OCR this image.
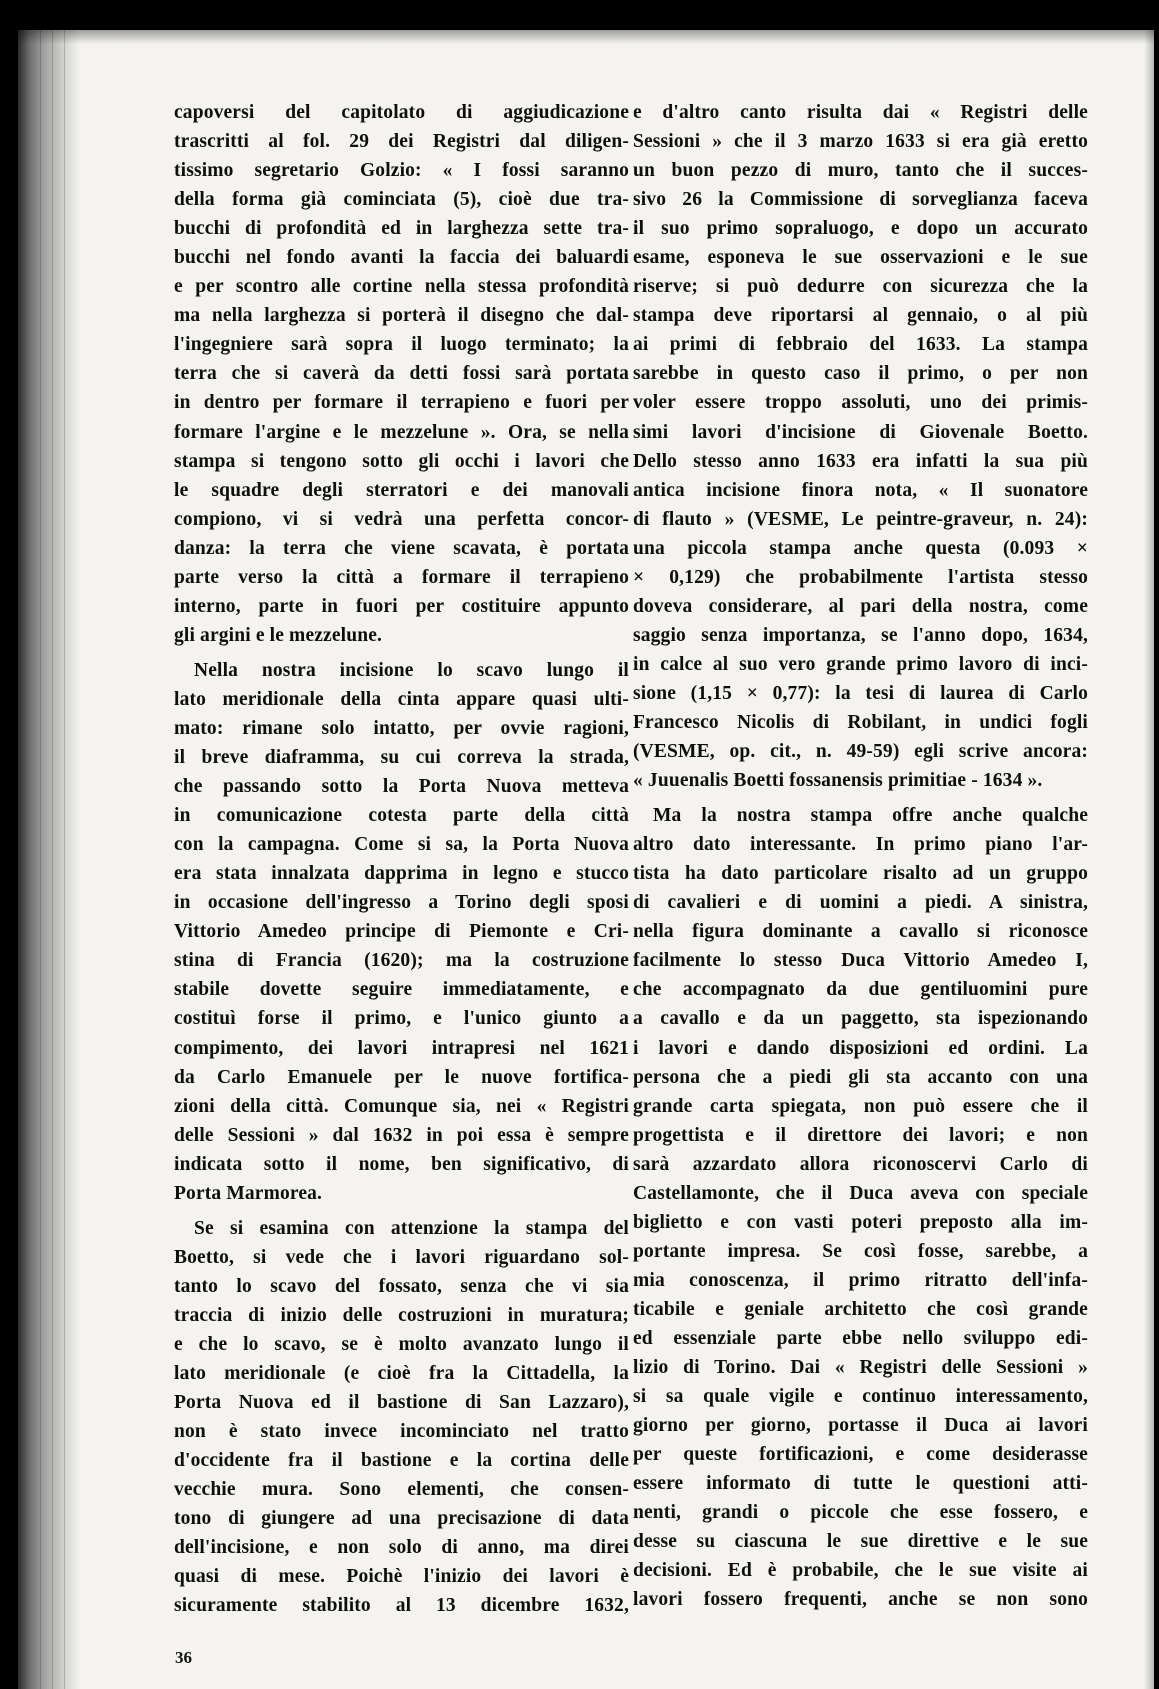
capoversi del capitolato di aggiudicazione
trascritti al fol. 29 dei Registri dal diligen-
tissimo segretario Golzio: « I fossi saranno
della forma già cominciata (5), cioè due tra-
bucchi di profondità ed in larghezza sette tra-
bucchi nel fondo avanti la faccia dei baluardi
e per scontro alle cortine nella stessa profondità
ma nella larghezza si porterà il disegno che dal-
l'ingegniere sarà sopra il luogo terminato; la
terra che si caverà da detti fossi sarà portata
in dentro per formare il terrapieno e fuori per
formare l'argine e le mezzelune ». Ora, se nella
stampa si tengono sotto gli occhi i lavori che
le squadre degli sterratori e dei manovali
compiono, vi si vedrà una perfetta concor-
danza: la terra che viene scavata, è portata
parte verso la città a formare il terrapieno
interno, parte in fuori per costituire appunto
gli argini e le mezzelune.
Nella nostra incisione lo scavo lungo il
lato meridionale della cinta appare quasi ulti-
mato: rimane solo intatto, per ovvie ragioni,
il breve diaframma, su cui correva la strada,
che passando sotto la Porta Nuova metteva
in comunicazione cotesta parte della città
con la campagna. Come si sa, la Porta Nuova
era stata innalzata dapprima in legno e stucco
in occasione dell'ingresso a Torino degli sposi
Vittorio Amedeo principe di Piemonte e Cri-
stina di Francia (1620); ma la costruzione
stabile dovette seguire immediatamente, e
costituì forse il primo, e l'unico giunto a
compimento, dei lavori intrapresi nel 1621
da Carlo Emanuele per le nuove fortifica-
zioni della città. Comunque sia, nei « Registri
delle Sessioni » dal 1632 in poi essa è sempre
indicata sotto il nome, ben significativo, di
Porta Marmorea.
Se si esamina con attenzione la stampa del
Boetto, si vede che i lavori riguardano sol-
tanto lo scavo del fossato, senza che vi sia
traccia di inizio delle costruzioni in muratura;
e che lo scavo, se è molto avanzato lungo il
lato meridionale (e cioè fra la Cittadella, la
Porta Nuova ed il bastione di San Lazzaro),
non è stato invece incominciato nel tratto
d'occidente fra il bastione e la cortina delle
vecchie mura. Sono elementi, che consen-
tono di giungere ad una precisazione di data
dell'incisione, e non solo di anno, ma direi
quasi di mese. Poichè l'inizio dei lavori è
sicuramente stabilito al 13 dicembre 1632,
e d'altro canto risulta dai « Registri delle
Sessioni » che il 3 marzo 1633 si era già eretto
un buon pezzo di muro, tanto che il succes-
sivo 26 la Commissione di sorveglianza faceva
il suo primo sopraluogo, e dopo un accurato
esame, esponeva le sue osservazioni e le sue
riserve; si può dedurre con sicurezza che la
stampa deve riportarsi al gennaio, o al più
ai primi di febbraio del 1633. La stampa
sarebbe in questo caso il primo, o per non
voler essere troppo assoluti, uno dei primis-
simi lavori d'incisione di Giovenale Boetto.
Dello stesso anno 1633 era infatti la sua più
antica incisione finora nota, « Il suonatore
di flauto » (VESME, Le peintre-graveur, n. 24):
una piccola stampa anche questa (0.093 ×
× 0,129) che probabilmente l'artista stesso
doveva considerare, al pari della nostra, come
saggio senza importanza, se l'anno dopo, 1634,
in calce al suo vero grande primo lavoro di inci-
sione (1,15 × 0,77): la tesi di laurea di Carlo
Francesco Nicolis di Robilant, in undici fogli
(VESME, op. cit., n. 49-59) egli scrive ancora:
« Juuenalis Boetti fossanensis primitiae - 1634 ».
Ma la nostra stampa offre anche qualche
altro dato interessante. In primo piano l'ar-
tista ha dato particolare risalto ad un gruppo
di cavalieri e di uomini a piedi. A sinistra,
nella figura dominante a cavallo si riconosce
facilmente lo stesso Duca Vittorio Amedeo I,
che accompagnato da due gentiluomini pure
a cavallo e da un paggetto, sta ispezionando
i lavori e dando disposizioni ed ordini. La
persona che a piedi gli sta accanto con una
grande carta spiegata, non può essere che il
progettista e il direttore dei lavori; e non
sarà azzardato allora riconoscervi Carlo di
Castellamonte, che il Duca aveva con speciale
biglietto e con vasti poteri preposto alla im-
portante impresa. Se così fosse, sarebbe, a
mia conoscenza, il primo ritratto dell'infa-
ticabile e geniale architetto che così grande
ed essenziale parte ebbe nello sviluppo edi-
lizio di Torino. Dai « Registri delle Sessioni »
si sa quale vigile e continuo interessamento,
giorno per giorno, portasse il Duca ai lavori
per queste fortificazioni, e come desiderasse
essere informato di tutte le questioni atti-
nenti, grandi o piccole che esse fossero, e
desse su ciascuna le sue direttive e le sue
decisioni. Ed è probabile, che le sue visite ai
lavori fossero frequenti, anche se non sono
36
